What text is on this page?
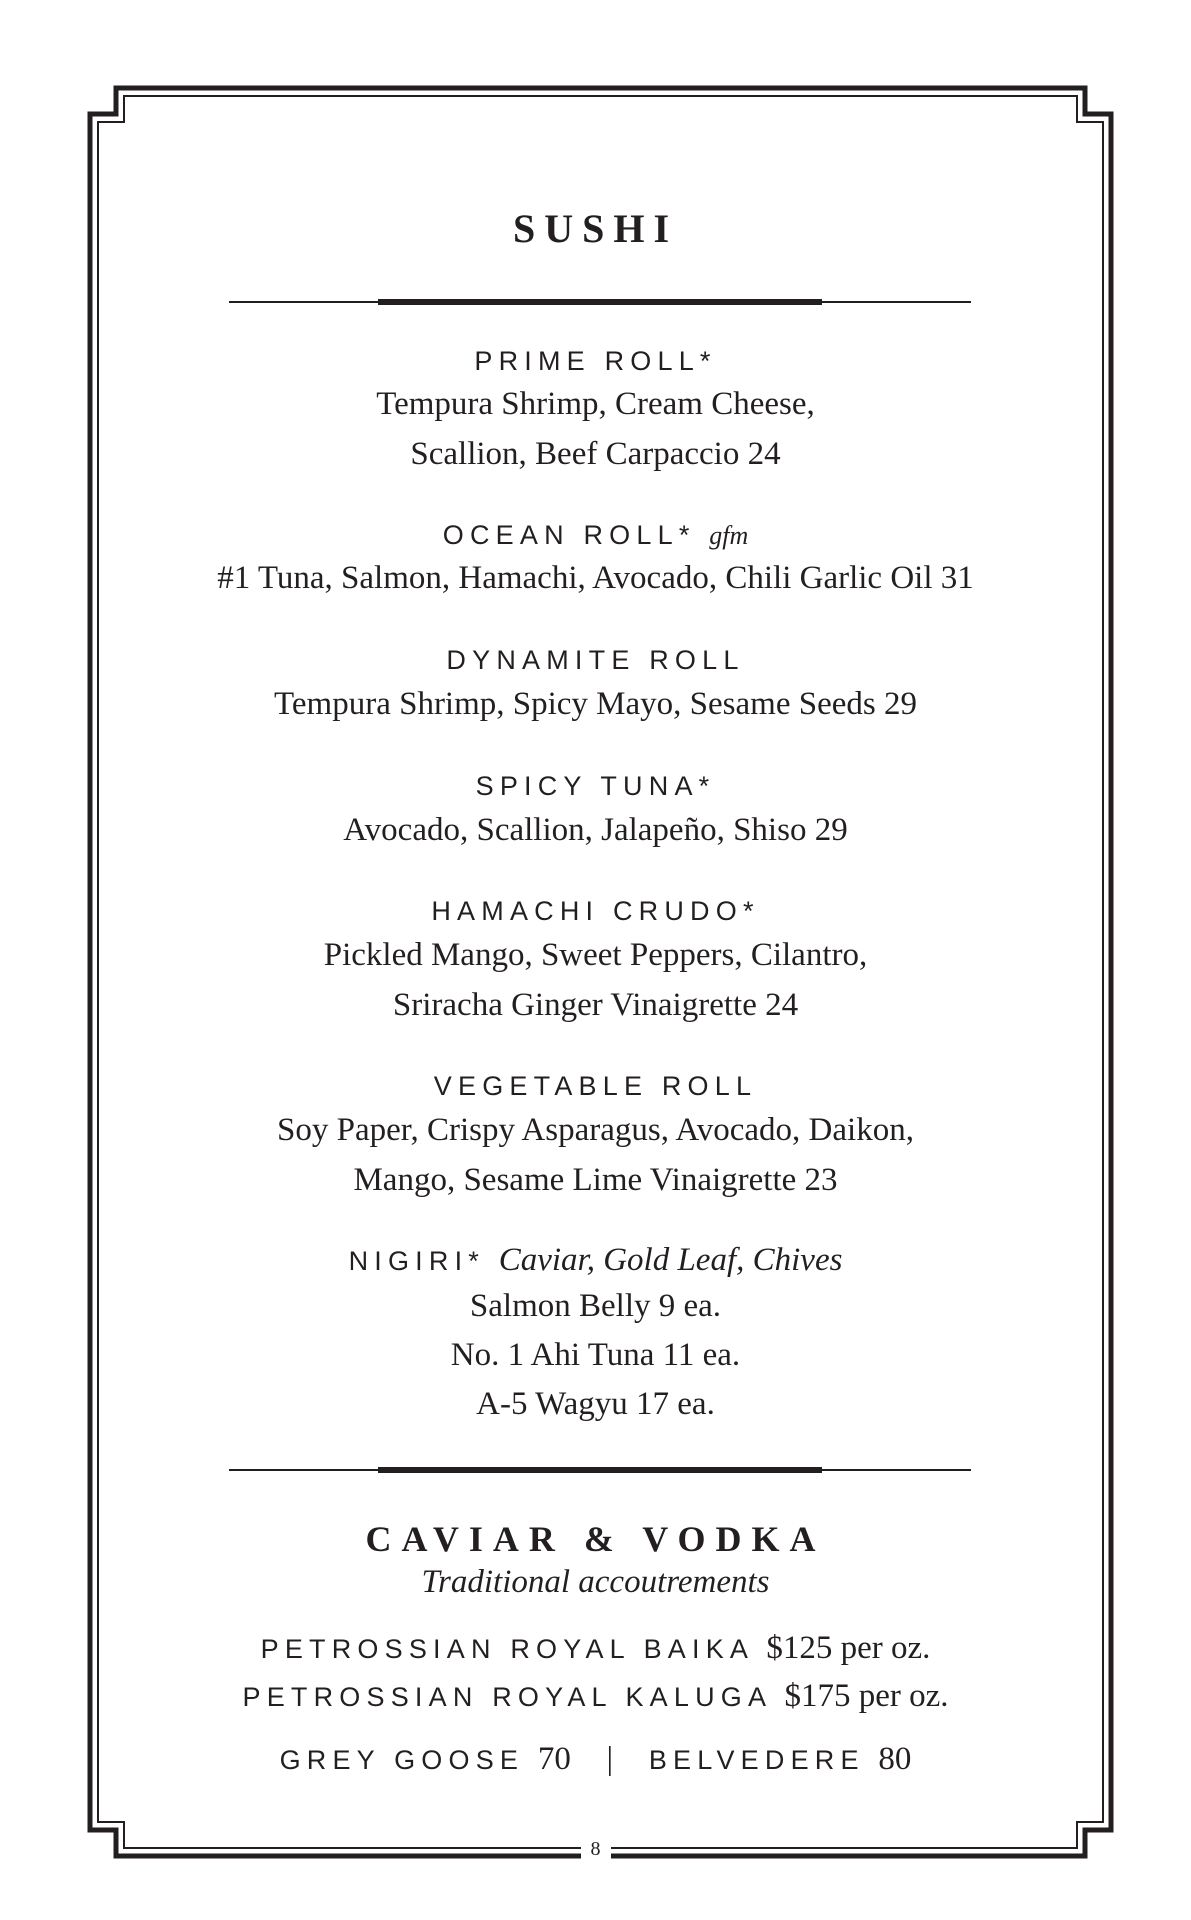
SUSHI
PRIME ROLL*
Tempura Shrimp, Cream Cheese,
Scallion, Beef Carpaccio 24
OCEAN ROLL* gfm
#1 Tuna, Salmon, Hamachi, Avocado, Chili Garlic Oil 31
DYNAMITE ROLL
Tempura Shrimp, Spicy Mayo, Sesame Seeds 29
SPICY TUNA*
Avocado, Scallion, Jalapeño, Shiso 29
HAMACHI CRUDO*
Pickled Mango, Sweet Peppers, Cilantro,
Sriracha Ginger Vinaigrette 24
VEGETABLE ROLL
Soy Paper, Crispy Asparagus, Avocado, Daikon,
Mango, Sesame Lime Vinaigrette 23
NIGIRI* Caviar, Gold Leaf, Chives
Salmon Belly 9 ea.
No. 1 Ahi Tuna 11 ea.
A-5 Wagyu 17 ea.
CAVIAR & VODKA
Traditional accoutrements
PETROSSIAN ROYAL BAIKA $125 per oz.
PETROSSIAN ROYAL KALUGA $175 per oz.
GREY GOOSE 70 | BELVEDERE 80
8
